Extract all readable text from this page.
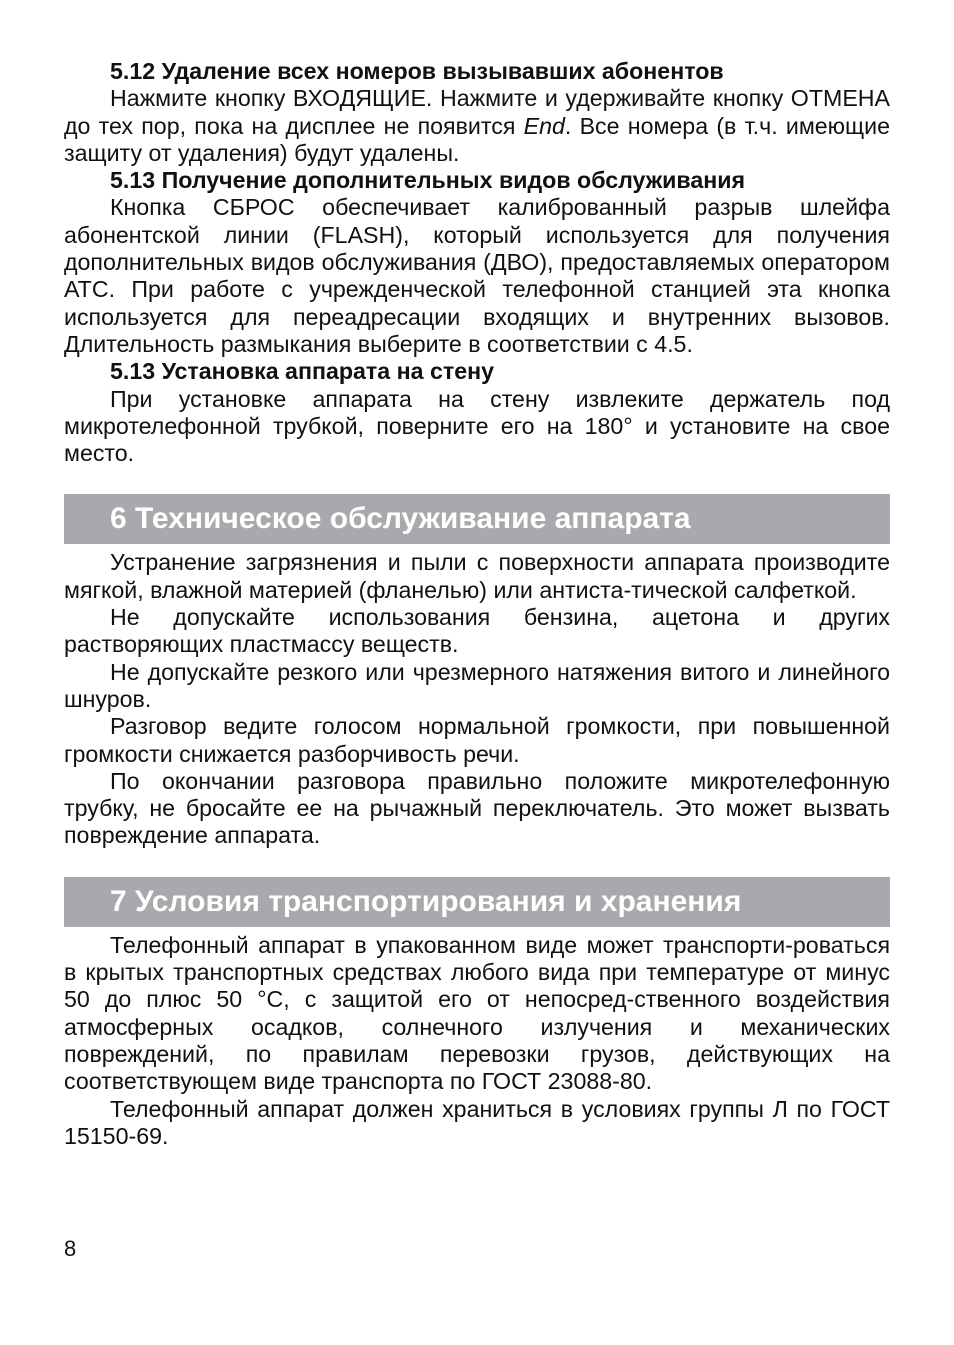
5.12 Удаление всех номеров вызывавших абонентов

Нажмите кнопку ВХОДЯЩИЕ. Нажмите и удерживайте кнопку ОТМЕНА до тех пор, пока на дисплее не появится End. Все номера (в т.ч. имеющие защиту от удаления) будут удалены.

5.13 Получение дополнительных видов обслуживания

Кнопка СБРОС обеспечивает калиброванный разрыв шлейфа абонентской линии (FLASH), который используется для получения дополнительных видов обслуживания (ДВО), предоставляемых оператором АТС. При работе с учрежденческой телефонной станцией эта кнопка используется для переадресации входящих и внутренних вызовов. Длительность размыкания выберите в соответствии с 4.5.

5.13 Установка аппарата на стену

При установке аппарата на стену извлеките держатель под микротелефонной трубкой, поверните его на 180° и установите на свое место.

6 Техническое обслуживание аппарата

Устранение загрязнения и пыли с поверхности аппарата производите мягкой, влажной материей (фланелью) или антиста-тической салфеткой.

Не допускайте использования бензина, ацетона и других растворяющих пластмассу веществ.

Не допускайте резкого или чрезмерного натяжения витого и линейного шнуров.

Разговор ведите голосом нормальной громкости, при повышенной громкости снижается разборчивость речи.

По окончании разговора правильно положите микротелефонную трубку, не бросайте ее на рычажный переключатель. Это может вызвать повреждение аппарата.

7 Условия транспортирования и хранения

Телефонный аппарат в упакованном виде может транспорти-роваться в крытых транспортных средствах любого вида при температуре от минус 50 до плюс 50 °С, с защитой его от непосред-ственного воздействия атмосферных осадков, солнечного излучения и механических повреждений, по правилам перевозки грузов, действующих на соответствующем виде транспорта по ГОСТ 23088-80.

Телефонный аппарат должен храниться в условиях группы Л по ГОСТ 15150-69.

8
